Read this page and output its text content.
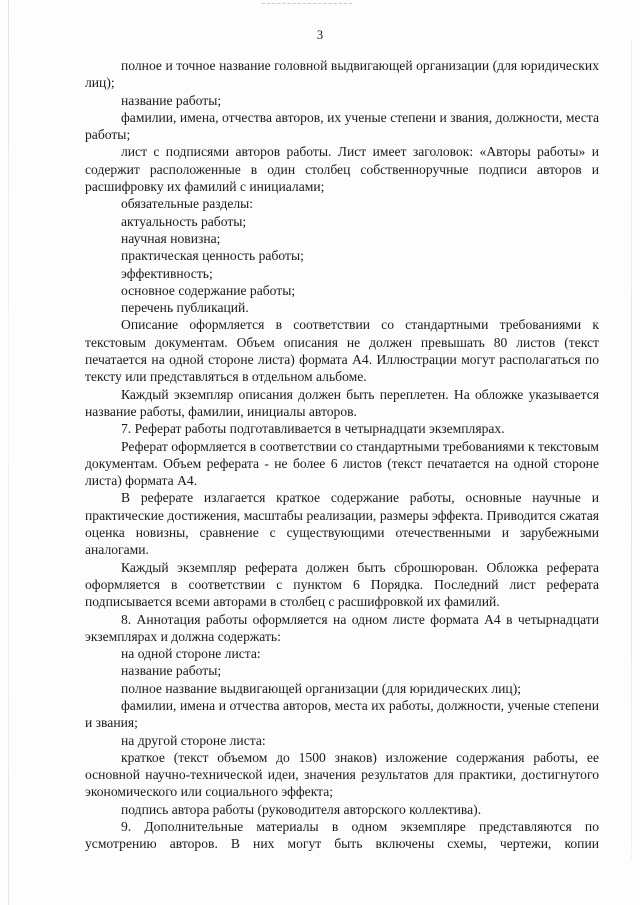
3

полное и точное название головной выдвигающей организации (для юридических лиц);

название работы;

фамилии, имена, отчества авторов, их ученые степени и звания, должности, места работы;

лист с подписями авторов работы. Лист имеет заголовок: «Авторы работы» и содержит расположенные в один столбец собственноручные подписи авторов и расшифровку их фамилий с инициалами;

обязательные разделы:

актуальность работы;

научная новизна;

практическая ценность работы;

эффективность;

основное содержание работы;

перечень публикаций.

Описание оформляется в соответствии со стандартными требованиями к текстовым документам. Объем описания не должен превышать 80 листов (текст печатается на одной стороне листа) формата А4. Иллюстрации могут располагаться по тексту или представляться в отдельном альбоме.

Каждый экземпляр описания должен быть переплетен. На обложке указывается название работы, фамилии, инициалы авторов.

7. Реферат работы подготавливается в четырнадцати экземплярах.

Реферат оформляется в соответствии со стандартными требованиями к текстовым документам. Объем реферата - не более 6 листов (текст печатается на одной стороне листа) формата А4.

В реферате излагается краткое содержание работы, основные научные и практические достижения, масштабы реализации, размеры эффекта. Приводится сжатая оценка новизны, сравнение с существующими отечественными и зарубежными аналогами.

Каждый экземпляр реферата должен быть сброшюрован. Обложка реферата оформляется в соответствии с пунктом 6 Порядка. Последний лист реферата подписывается всеми авторами в столбец с расшифровкой их фамилий.

8. Аннотация работы оформляется на одном листе формата А4 в четырнадцати экземплярах и должна содержать:

на одной стороне листа:

название работы;

полное название выдвигающей организации (для юридических лиц);

фамилии, имена и отчества авторов, места их работы, должности, ученые степени и звания;

на другой стороне листа:

краткое (текст объемом до 1500 знаков) изложение содержания работы, ее основной научно-технической идеи, значения результатов для практики, достигнутого экономического или социального эффекта;

подпись автора работы (руководителя авторского коллектива).

9. Дополнительные материалы в одном экземпляре представляются по усмотрению авторов. В них могут быть включены схемы, чертежи, копии
